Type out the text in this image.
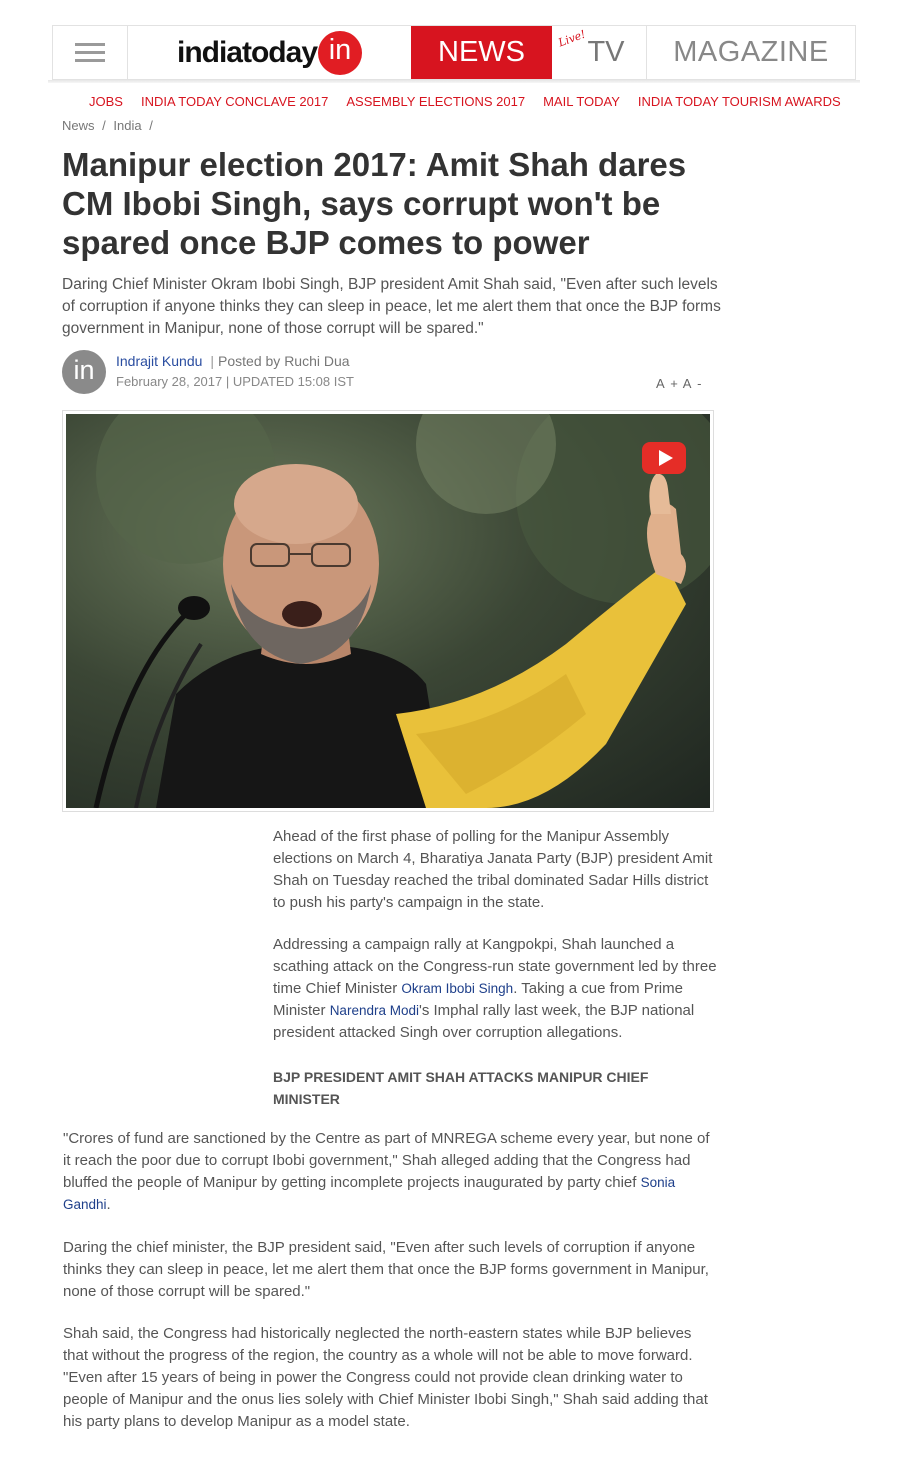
indiatoday in	NEWS	Live! TV	MAGAZINE
JOBS INDIA TODAY CONCLAVE 2017 ASSEMBLY ELECTIONS 2017 MAIL TODAY INDIA TODAY TOURISM AWARDS
News / India /
Manipur election 2017: Amit Shah dares CM Ibobi Singh, says corrupt won't be spared once BJP comes to power

Daring Chief Minister Okram Ibobi Singh, BJP president Amit Shah said, "Even after such levels of corruption if anyone thinks they can sleep in peace, let me alert them that once the BJP forms government in Manipur, none of those corrupt will be spared."

in	Indrajit Kundu | Posted by Ruchi Dua
February 28, 2017 | UPDATED 15:08 IST	A + A -

Ahead of the first phase of polling for the Manipur Assembly elections on March 4, Bharatiya Janata Party (BJP) president Amit Shah on Tuesday reached the tribal dominated Sadar Hills district to push his party's campaign in the state.

Addressing a campaign rally at Kangpokpi, Shah launched a scathing attack on the Congress-run state government led by three time Chief Minister Okram Ibobi Singh. Taking a cue from Prime Minister Narendra Modi's Imphal rally last week, the BJP national president attacked Singh over corruption allegations.

BJP PRESIDENT AMIT SHAH ATTACKS MANIPUR CHIEF MINISTER

"Crores of fund are sanctioned by the Centre as part of MNREGA scheme every year, but none of it reach the poor due to corrupt Ibobi government," Shah alleged adding that the Congress had bluffed the people of Manipur by getting incomplete projects inaugurated by party chief Sonia Gandhi.

Daring the chief minister, the BJP president said, "Even after such levels of corruption if anyone thinks they can sleep in peace, let me alert them that once the BJP forms government in Manipur, none of those corrupt will be spared."

Shah said, the Congress had historically neglected the north-eastern states while BJP believes that without the progress of the region, the country as a whole will not be able to move forward. "Even after 15 years of being in power the Congress could not provide clean drinking water to people of Manipur and the onus lies solely with Chief Minister Ibobi Singh," Shah said adding that his party plans to develop Manipur as a model state.
